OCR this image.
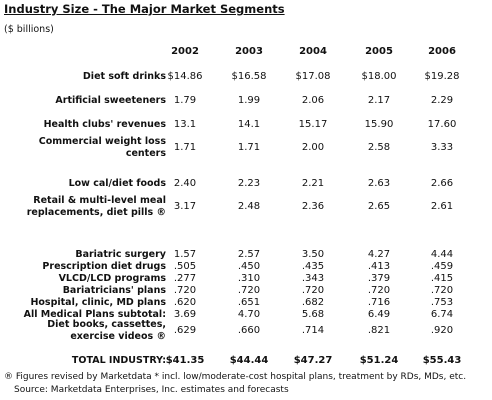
Industry Size - The Major Market Segments
($ billions)
2002	2003	2004	2005	2006
Diet soft drinks $14.86	$16.58	$17.08	$18.00	$19.28
Artificial sweeteners 1.79	1.99	2.06	2.17	2.29
Health clubs' revenues 13.1	14.1	15.17	15.90	17.60
Commercial weight loss centers
1.71	1.71	2.00	2.58	3.33
Low cal/diet foods 2.40	2.23	2.21	2.63	2.66
Retail & multi-level meal replacements, diet pills ®
3.17	2.48	2.36	2.65	2.61
Bariatric surgery 1.57	2.57	3.50	4.27	4.44
Prescription diet drugs .505	.450	.435	.413	.459
VLCD/LCD programs .277	.310	.343	.379	.415
Bariatricians' plans .720	.720	.720	.720	.720
Hospital, clinic, MD plans .620	.651	.682	.716	.753
All Medical Plans subtotal: 3.69	4.70	5.68	6.49	6.74
Diet books, cassettes, exercise videos ®
.629	.660	.714	.821	.920
TOTAL INDUSTRY: $41.35	$44.44	$47.27	$51.24	$55.43
® Figures revised by Marketdata * incl. low/moderate-cost hospital plans, treatment by RDs, MDs, etc.
Source: Marketdata Enterprises, Inc. estimates and forecasts
